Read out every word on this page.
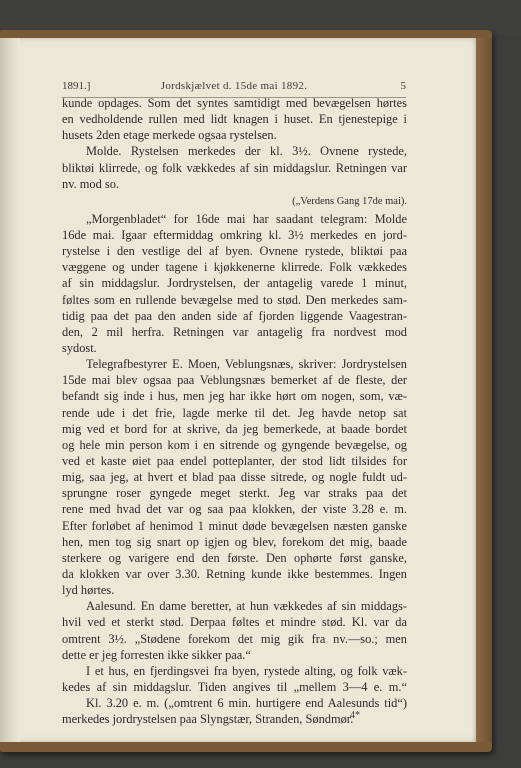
1891.]	Jordskjælvet d. 15de mai 1892.	5
kunde opdages. Som det syntes samtidigt med bevægelsen hørtes
en vedholdende rullen med lidt knagen i huset. En tjenestepige i
husets 2den etage merkede ogsaa rystelsen.
Molde. Rystelsen merkedes der kl. 3½. Ovnene rystede,
bliktøi klirrede, og folk vækkedes af sin middagslur. Retningen var
nv. mod so.
(„Verdens Gang 17de mai).
„Morgenbladet“ for 16de mai har saadant telegram: Molde
16de mai. Igaar eftermiddag omkring kl. 3½ merkedes en jord-
rystelse i den vestlige del af byen. Ovnene rystede, bliktøi paa
væggene og under tagene i kjøkkenerne klirrede. Folk vækkedes
af sin middagslur. Jordrystelsen, der antagelig varede 1 minut,
føltes som en rullende bevægelse med to stød. Den merkedes sam-
tidig paa det paa den anden side af fjorden liggende Vaagestran-
den, 2 mil herfra. Retningen var antagelig fra nordvest mod
sydost.
Telegrafbestyrer E. Moen, Veblungsnæs, skriver: Jordrystelsen
15de mai blev ogsaa paa Veblungsnæs bemerket af de fleste, der
befandt sig inde i hus, men jeg har ikke hørt om nogen, som, væ-
rende ude i det frie, lagde merke til det. Jeg havde netop sat
mig ved et bord for at skrive, da jeg bemerkede, at baade bordet
og hele min person kom i en sitrende og gyngende bevægelse, og
ved et kaste øiet paa endel potteplanter, der stod lidt tilsides for
mig, saa jeg, at hvert et blad paa disse sitrede, og nogle fuldt ud-
sprungne roser gyngede meget sterkt. Jeg var straks paa det
rene med hvad det var og saa paa klokken, der viste 3.28 e. m.
Efter forløbet af henimod 1 minut døde bevægelsen næsten ganske
hen, men tog sig snart op igjen og blev, forekom det mig, baade
sterkere og varigere end den første. Den ophørte først ganske,
da klokken var over 3.30. Retning kunde ikke bestemmes. Ingen
lyd hørtes.
Aalesund. En dame beretter, at hun vækkedes af sin middags-
hvil ved et sterkt stød. Derpaa føltes et mindre stød. Kl. var da
omtrent 3½. „Stødene forekom det mig gik fra nv.—so.; men
dette er jeg forresten ikke sikker paa.“
I et hus, en fjerdingsvei fra byen, rystede alting, og folk væk-
kedes af sin middagslur. Tiden angives til „mellem 3—4 e. m.“
Kl. 3.20 e. m. („omtrent 6 min. hurtigere end Aalesunds tid“)
merkedes jordrystelsen paa Slyngstær, Stranden, Søndmør.
4*
